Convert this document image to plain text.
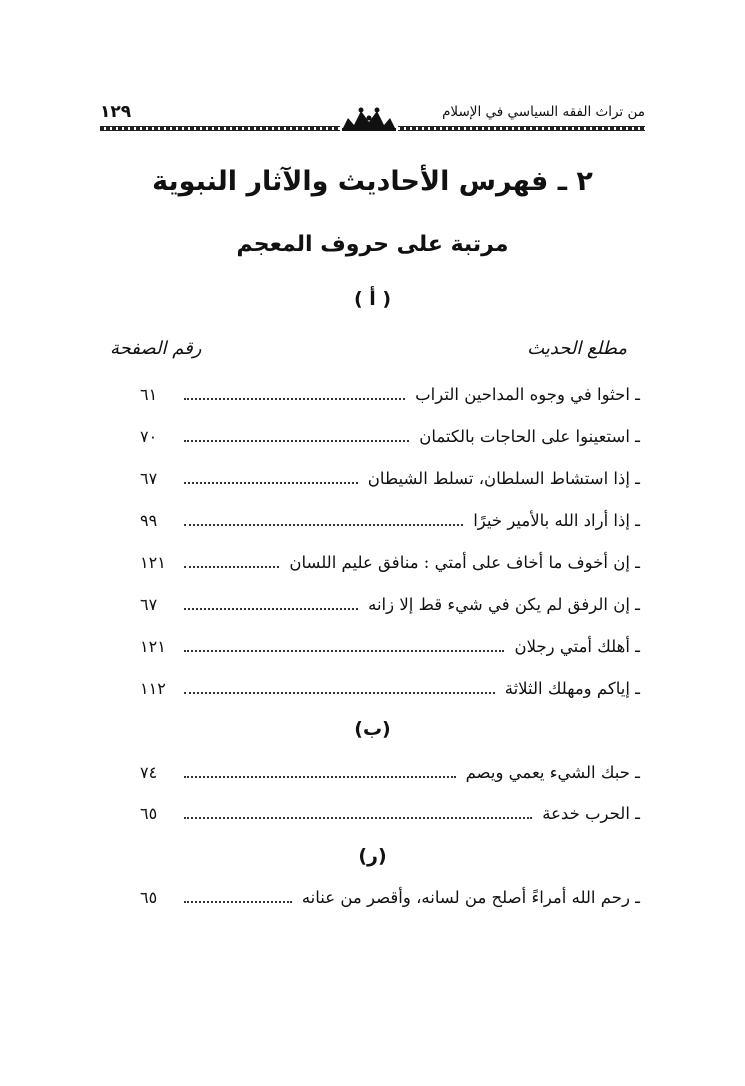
من تراث الفقه السياسي في الإسلام
١٢٩
٢ ـ فهرس الأحاديث والآثار النبوية
مرتبة على حروف المعجم
( أ )
مطلع الحديث
رقم الصفحة
ـ احثوا في وجوه المداحين التراب
٦١
ـ استعينوا على الحاجات بالكتمان
٧٠
ـ إذا استشاط السلطان، تسلط الشيطان
٦٧
ـ إذا أراد الله بالأمير خيرًا
٩٩
ـ إن أخوف ما أخاف على أمتي : منافق عليم اللسان
١٢١
ـ إن الرفق لم يكن في شيء قط إلا زانه
٦٧
ـ أهلك أمتي رجلان
١٢١
ـ إياكم ومهلك الثلاثة
١١٢
(ب)
ـ حبك الشيء يعمي ويصم
٧٤
ـ الحرب خدعة
٦٥
(ر)
ـ رحم الله أمراءً أصلح من لسانه، وأقصر من عنانه
٦٥
